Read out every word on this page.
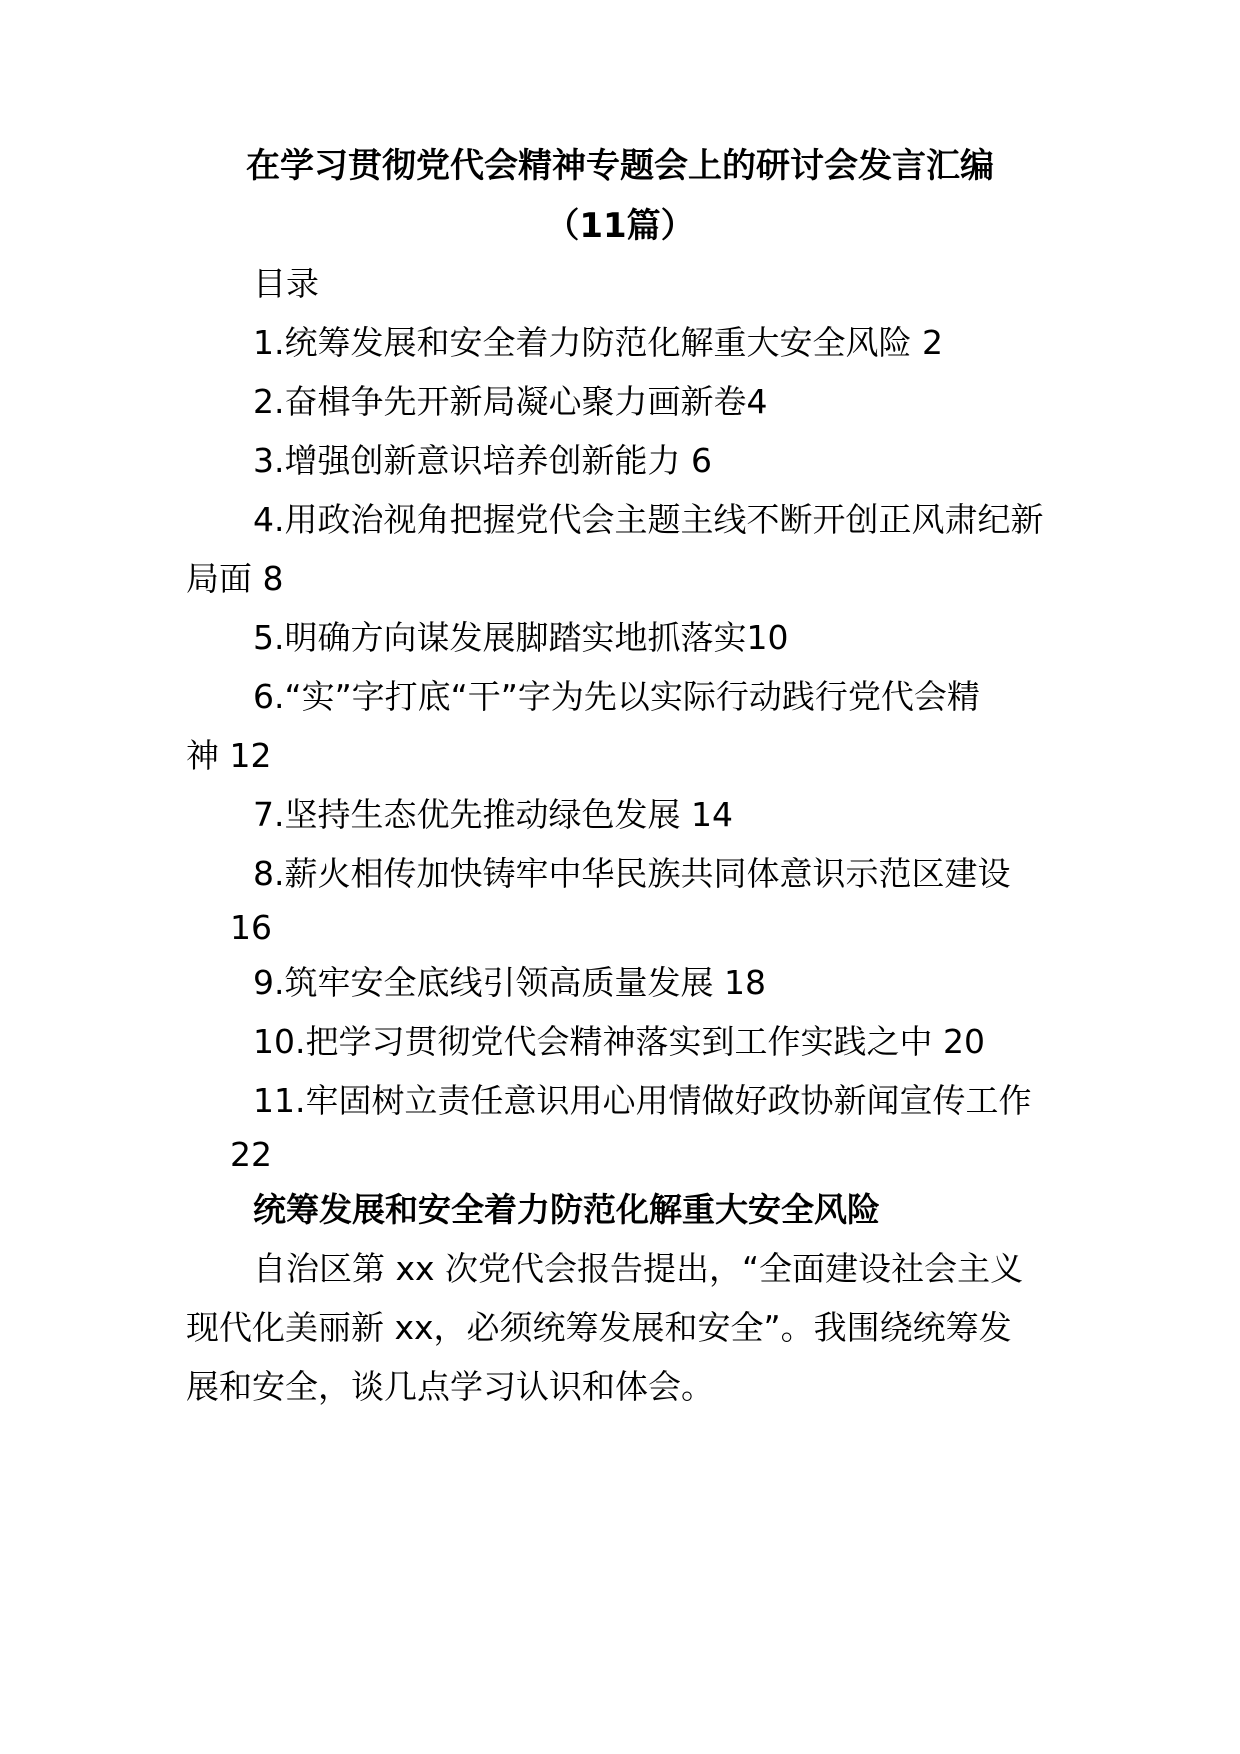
在学习贯彻党代会精神专题会上的研讨会发言汇编
（11篇）
目录
1.统筹发展和安全着力防范化解重大安全风险 2
2.奋楫争先开新局凝心聚力画新卷4
3.增强创新意识培养创新能力 6
4.用政治视角把握党代会主题主线不断开创正风肃纪新
局面 8
5.明确方向谋发展脚踏实地抓落实10
6.“实”字打底“干”字为先以实际行动践行党代会精
神 12
7.坚持生态优先推动绿色发展 14
8.薪火相传加快铸牢中华民族共同体意识示范区建设
16
9.筑牢安全底线引领高质量发展 18
10.把学习贯彻党代会精神落实到工作实践之中 20
11.牢固树立责任意识用心用情做好政协新闻宣传工作
22
统筹发展和安全着力防范化解重大安全风险
自治区第 xx 次党代会报告提出，“全面建设社会主义
现代化美丽新 xx，必须统筹发展和安全”。我围绕统筹发
展和安全，谈几点学习认识和体会。
